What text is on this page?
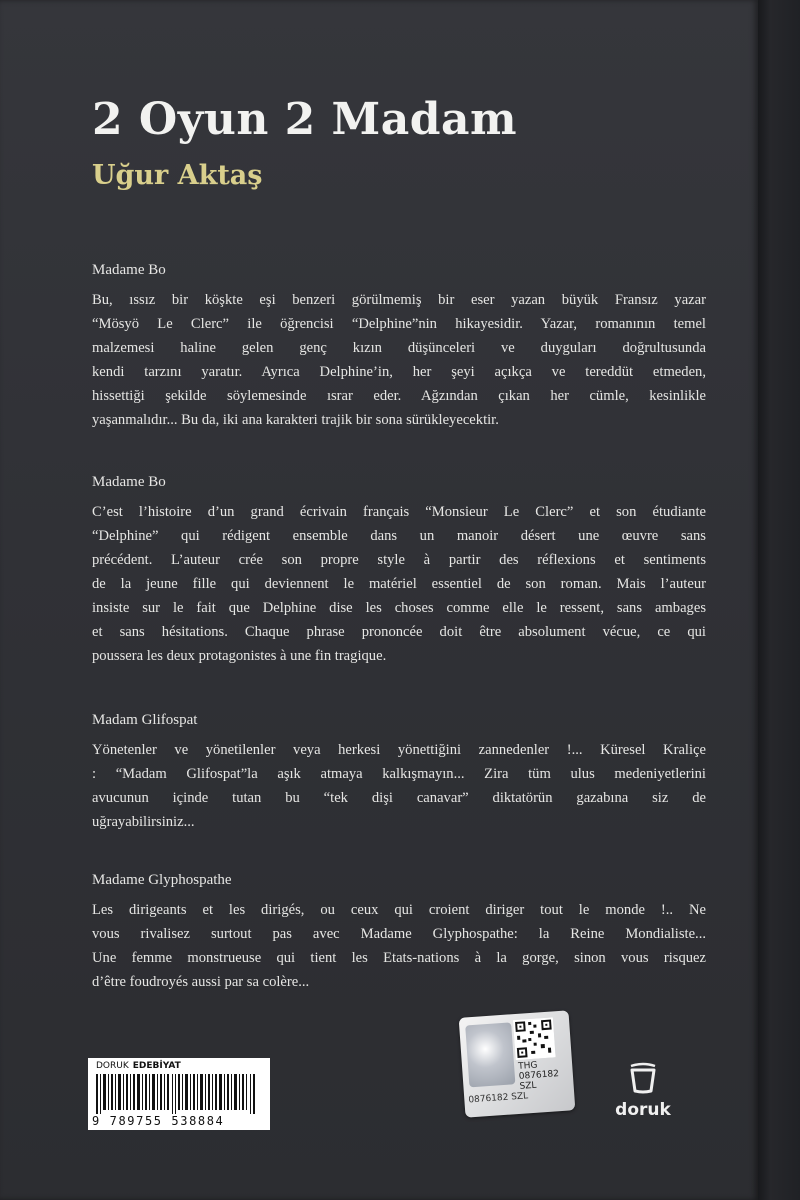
2 Oyun 2 Madam
Uğur Aktaş

Madame Bo

Bu, ıssız bir köşkte eşi benzeri görülmemiş bir eser yazan büyük Fransız yazar
“Mösyö Le Clerc” ile öğrencisi “Delphine”nin hikayesidir. Yazar, romanının temel
malzemesi haline gelen genç kızın düşünceleri ve duyguları doğrultusunda
kendi tarzını yaratır. Ayrıca Delphine’in, her şeyi açıkça ve tereddüt etmeden,
hissettiği şekilde söylemesinde ısrar eder. Ağzından çıkan her cümle, kesinlikle
yaşanmalıdır... Bu da, iki ana karakteri trajik bir sona sürükleyecektir.

Madame Bo

C’est l’histoire d’un grand écrivain français “Monsieur Le Clerc” et son étudiante
“Delphine” qui rédigent ensemble dans un manoir désert une œuvre sans
précédent. L’auteur crée son propre style à partir des réflexions et sentiments
de la jeune fille qui deviennent le matériel essentiel de son roman. Mais l’auteur
insiste sur le fait que Delphine dise les choses comme elle le ressent, sans ambages
et sans hésitations. Chaque phrase prononcée doit être absolument vécue, ce qui
poussera les deux protagonistes à une fin tragique.

Madam Glifospat

Yönetenler ve yönetilenler veya herkesi yönettiğini zannedenler !... Küresel Kraliçe
: “Madam Glifospat”la aşık atmaya kalkışmayın... Zira tüm ulus medeniyetlerini
avucunun içinde tutan bu “tek dişi canavar” diktatörün gazabına siz de
uğrayabilirsiniz...

Madame Glyphospathe

Les dirigeants et les dirigés, ou ceux qui croient diriger tout le monde !.. Ne
vous rivalisez surtout pas avec Madame Glyphospathe: la Reine Mondialiste...
Une femme monstrueuse qui tient les Etats-nations à la gorge, sinon vous risquez
d’être foudroyés aussi par sa colère...

DORUK EDEBİYAT
9 789755 538884
THG
0876182
SZL
0876182 SZL
doruk
